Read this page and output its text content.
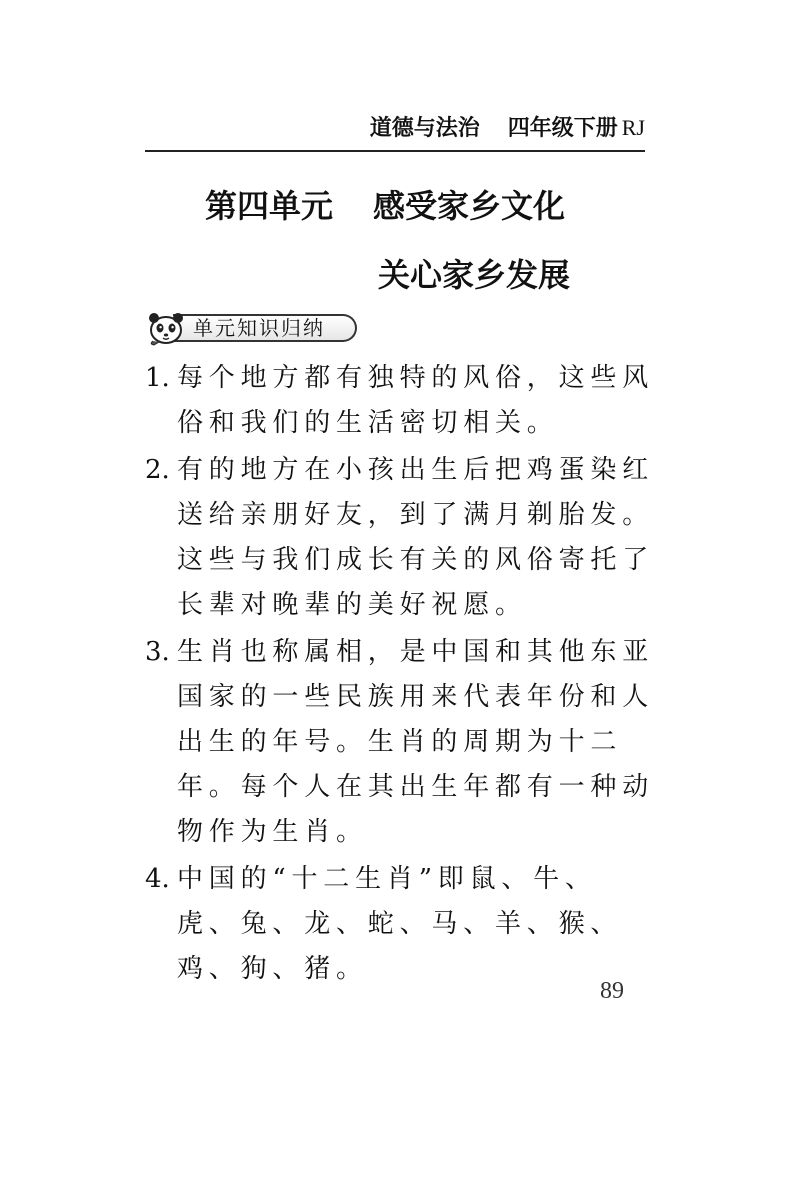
道德与法治 四年级下册 RJ
第四单元 感受家乡文化
关心家乡发展
单元知识归纳
1. 每个地方都有独特的风俗，这些风俗和我们的生活密切相关。
2. 有的地方在小孩出生后把鸡蛋染红送给亲朋好友，到了满月剃胎发。这些与我们成长有关的风俗寄托了长辈对晚辈的美好祝愿。
3. 生肖也称属相，是中国和其他东亚国家的一些民族用来代表年份和人出生的年号。生肖的周期为十二年。每个人在其出生年都有一种动物作为生肖。
4. 中国的“十二生肖”即鼠、牛、虎、兔、龙、蛇、马、羊、猴、鸡、狗、猪。
89
